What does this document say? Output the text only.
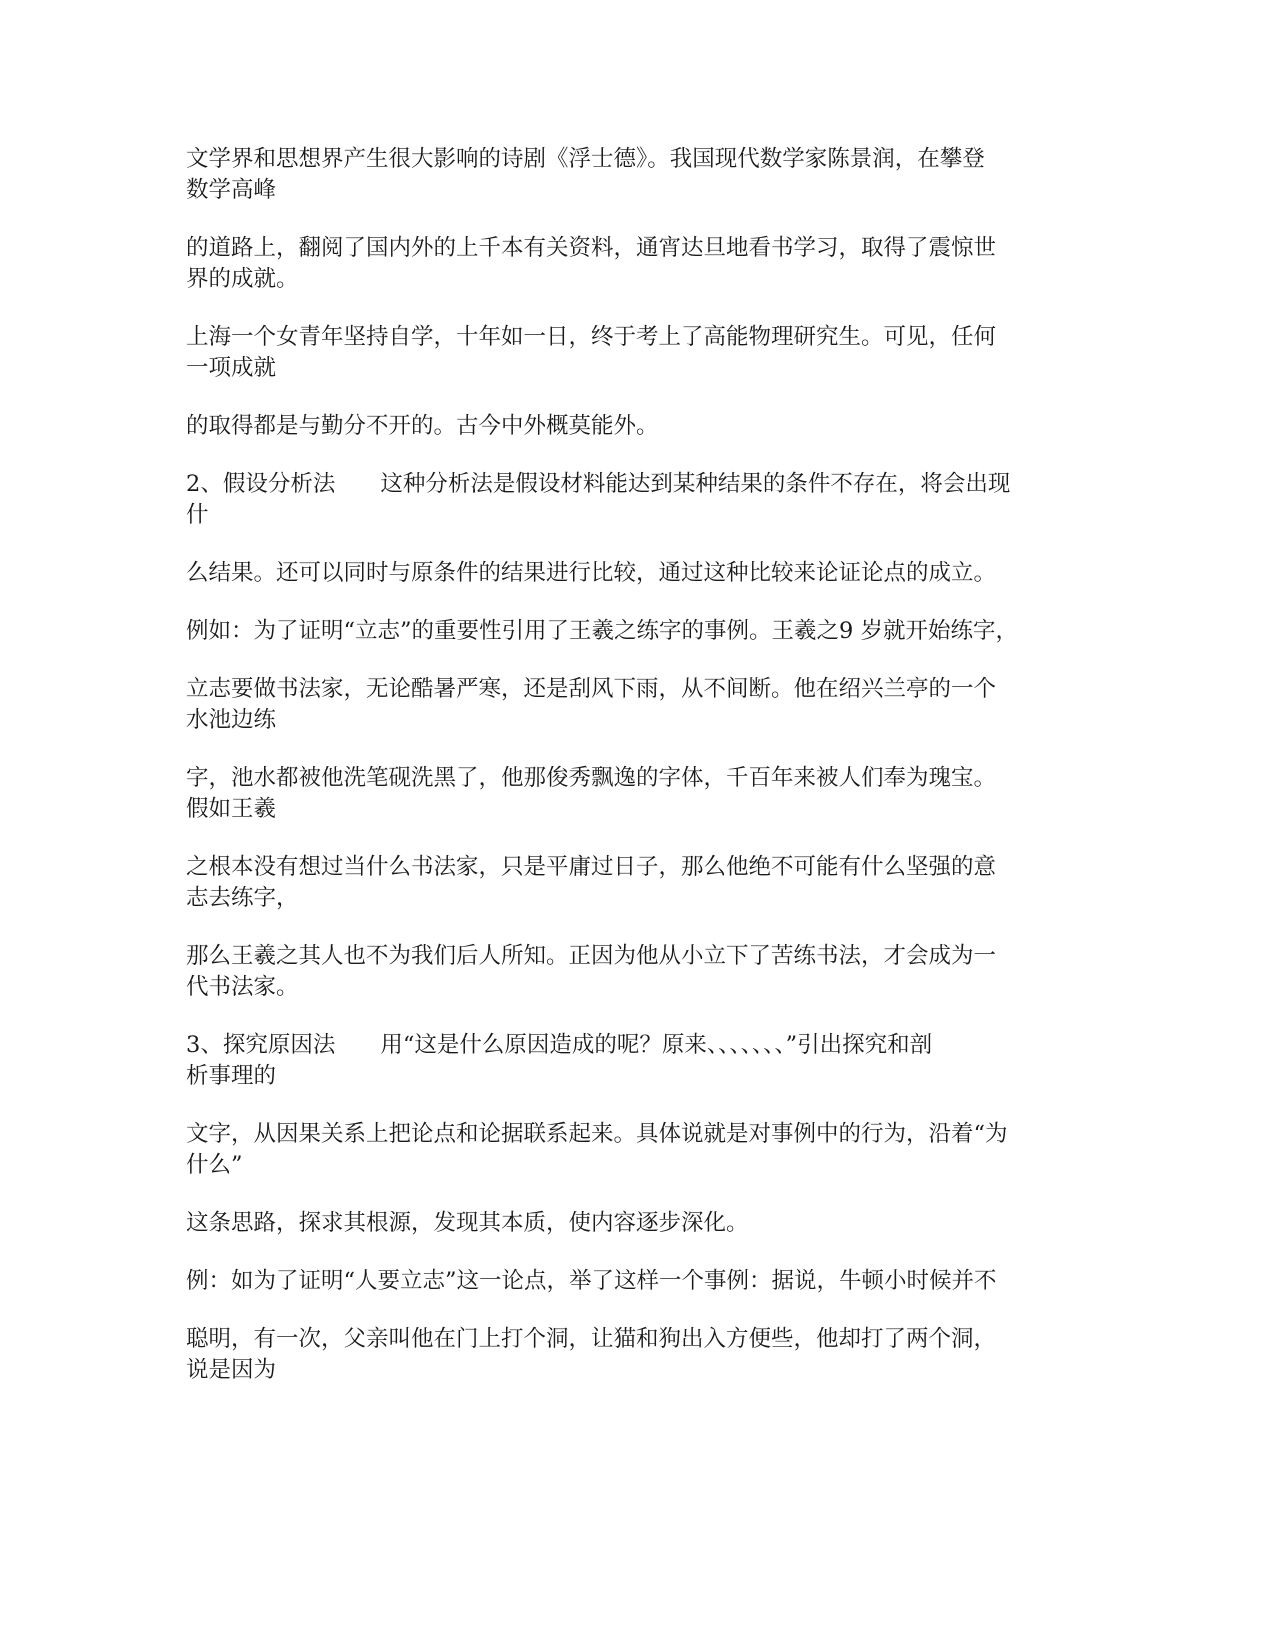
文学界和思想界产生很大影响的诗剧《浮士德》。我国现代数学家陈景润，在攀登
数学高峰

的道路上，翻阅了国内外的上千本有关资料，通宵达旦地看书学习，取得了震惊世
界的成就。

上海一个女青年坚持自学，十年如一日，终于考上了高能物理研究生。可见，任何
一项成就

的取得都是与勤分不开的。古今中外概莫能外。

2、假设分析法　　这种分析法是假设材料能达到某种结果的条件不存在，将会出现
什

么结果。还可以同时与原条件的结果进行比较，通过这种比较来论证论点的成立。

例如：为了证明“立志”的重要性引用了王羲之练字的事例。王羲之9 岁就开始练字，

立志要做书法家，无论酷暑严寒，还是刮风下雨，从不间断。他在绍兴兰亭的一个
水池边练

字，池水都被他洗笔砚洗黑了，他那俊秀飘逸的字体，千百年来被人们奉为瑰宝。
假如王羲

之根本没有想过当什么书法家，只是平庸过日子，那么他绝不可能有什么坚强的意
志去练字，

那么王羲之其人也不为我们后人所知。正因为他从小立下了苦练书法，才会成为一
代书法家。

3、探究原因法　　用“这是什么原因造成的呢？原来、、、、、、、”引出探究和剖
析事理的

文字，从因果关系上把论点和论据联系起来。具体说就是对事例中的行为，沿着“为
什么”

这条思路，探求其根源，发现其本质，使内容逐步深化。

例：如为了证明“人要立志”这一论点，举了这样一个事例：据说，牛顿小时候并不

聪明，有一次，父亲叫他在门上打个洞，让猫和狗出入方便些，他却打了两个洞，
说是因为
